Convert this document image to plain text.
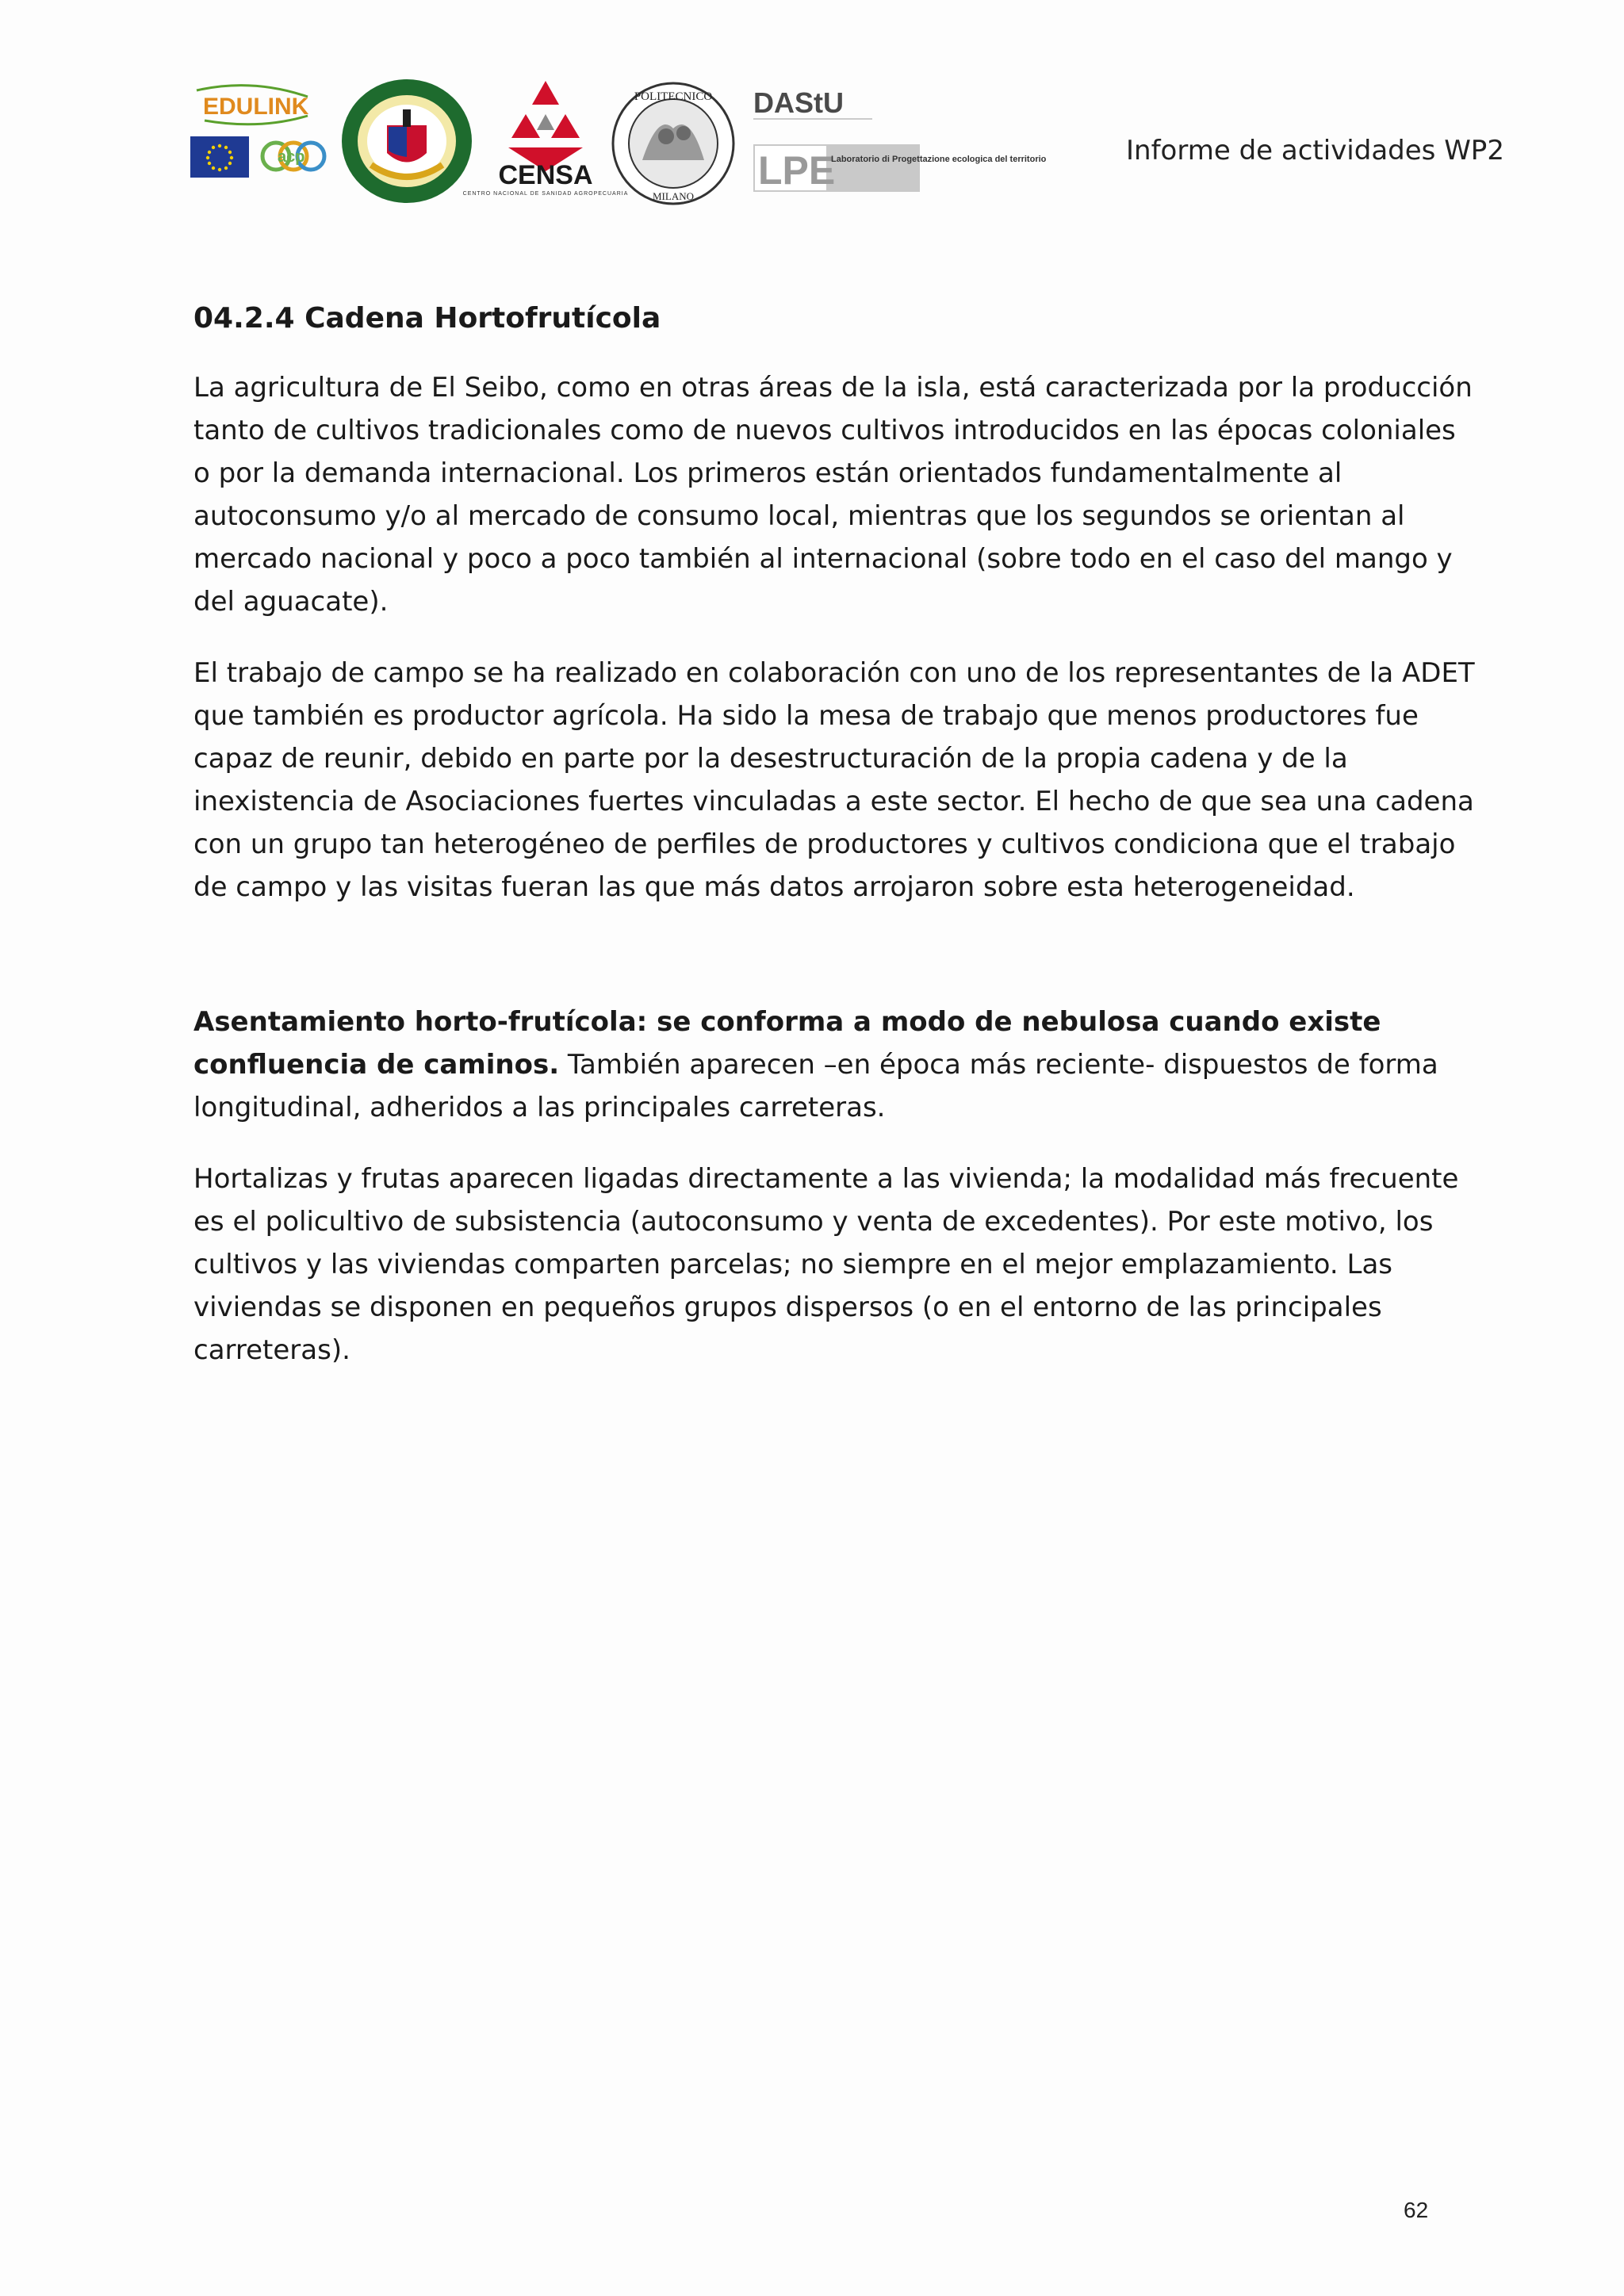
EDULINK
acp
CENSA
CENTRO NACIONAL DE SANIDAD AGROPECUARIA
POLITECNICO
MILANO
DAStU
LPE
Laboratorio di Progettazione ecologica del territorio	Informe de actividades WP2
04.2.4 Cadena Hortofrutícola

La agricultura de El Seibo, como en otras áreas de la isla, está caracterizada por la producción tanto de cultivos tradicionales como de nuevos cultivos introducidos en las épocas coloniales o por la demanda internacional. Los primeros están orientados fundamentalmente al autoconsumo y/o al mercado de consumo local, mientras que los segundos se orientan al mercado nacional y poco a poco también al internacional (sobre todo en el caso del mango y del aguacate).

El trabajo de campo se ha realizado en colaboración con uno de los representantes de la ADET que también es productor agrícola. Ha sido la mesa de trabajo que menos productores fue capaz de reunir, debido en parte por la desestructuración de la propia cadena y de la inexistencia de Asociaciones fuertes vinculadas a este sector. El hecho de que sea una cadena con un grupo tan heterogéneo de perfiles de productores y cultivos condiciona que el trabajo de campo y las visitas fueran las que más datos arrojaron sobre esta heterogeneidad.

Asentamiento horto-frutícola: se conforma a modo de nebulosa cuando existe confluencia de caminos. También aparecen –en época más reciente- dispuestos de forma longitudinal, adheridos a las principales carreteras.

Hortalizas y frutas aparecen ligadas directamente a las vivienda; la modalidad más frecuente es el policultivo de subsistencia (autoconsumo y venta de excedentes). Por este motivo, los cultivos y las viviendas comparten parcelas; no siempre en el mejor emplazamiento. Las viviendas se disponen en pequeños grupos dispersos (o en el entorno de las principales carreteras).

62
